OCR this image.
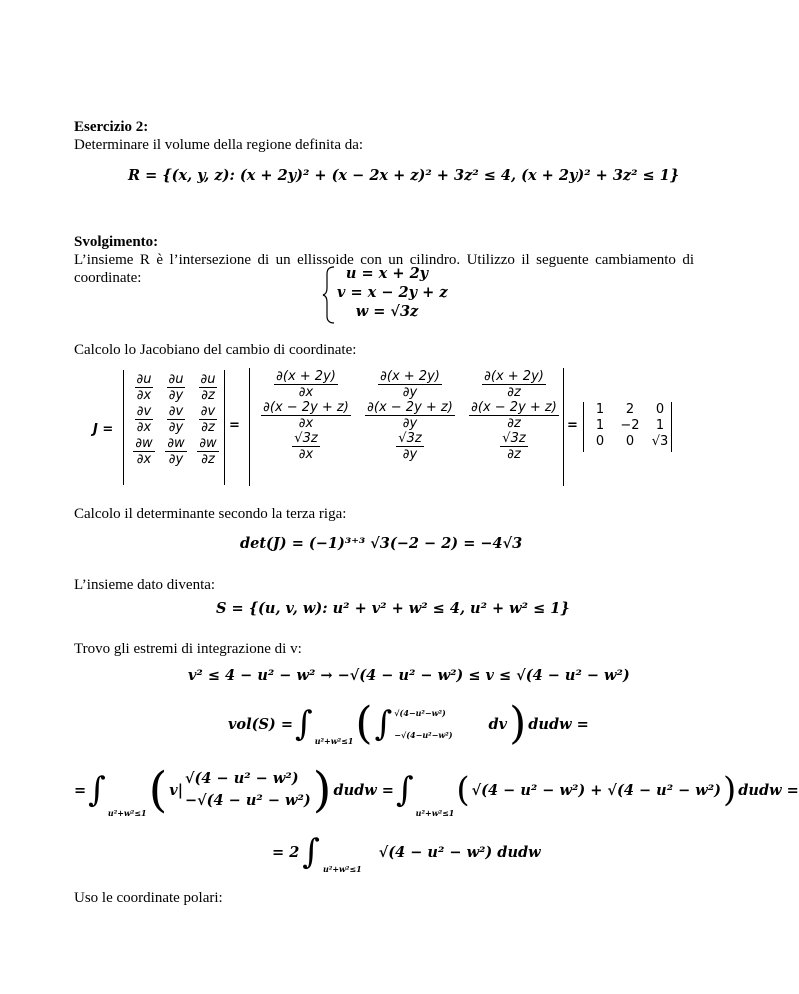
Esercizio 2:
Determinare il volume della regione definita da:
R = {(x, y, z): (x + 2y)² + (x − 2x + z)² + 3z² ≤ 4, (x + 2y)² + 3z² ≤ 1}
Svolgimento:
L’insieme R è l’intersezione di un ellissoide con un cilindro. Utilizzo il seguente cambiamento di coordinate:	u = x + 2y
v = x − 2y + z
w = √3z
Calcolo lo Jacobiano del cambio di coordinate:
J =
$\frac{\partial u}{\partial x} \frac{\partial u}{\partial y} \frac{\partial u}{\partial z}$
$\frac{\partial v}{\partial x} \frac{\partial v}{\partial y} \frac{\partial v}{\partial z}$
$\frac{\partial w}{\partial x} \frac{\partial w}{\partial y} \frac{\partial w}{\partial z}$
=
$\frac{\partial(x + 2y)}{\partial x} \frac{\partial(x + 2y)}{\partial y} \frac{\partial(x + 2y)}{\partial z}$
$\frac{\partial(x - 2y + z)}{\partial x} \frac{\partial(x - 2y + z)}{\partial y} \frac{\partial(x - 2y + z)}{\partial z}$
$\frac{√3z}{\partial x} \frac{√3z}{\partial y} \frac{√3z}{\partial z}$
=
1	2	0
1	−2	1
0	0	√3
Calcolo il determinante secondo la terza riga:
det(J) = (−1)³⁺³ √3(−2 − 2) = −4√3
L’insieme dato diventa:
S = {(u, v, w): u² + v² + w² ≤ 4, u² + w² ≤ 1}
Trovo gli estremi di integrazione di v:
v² ≤ 4 − u² − w² → −√(4 − u² − w²) ≤ v ≤ √(4 − u² − w²)
vol(S) = ∫ u²+w²≤1 ( ∫ √(4−u²−w²)
−√(4−u²−w²)
dv ) dudw =
= ∫
u²+w²≤1 ( v|
√(4 − u² − w²)
−√(4 − u² − w²) ) dudw = ∫
u²+w²≤1
( √(4 − u² − w²) + √(4 − u² − w²) ) dudw =
= 2 ∫ u²+w²≤1
√(4 − u² − w²) dudw
Uso le coordinate polari:
